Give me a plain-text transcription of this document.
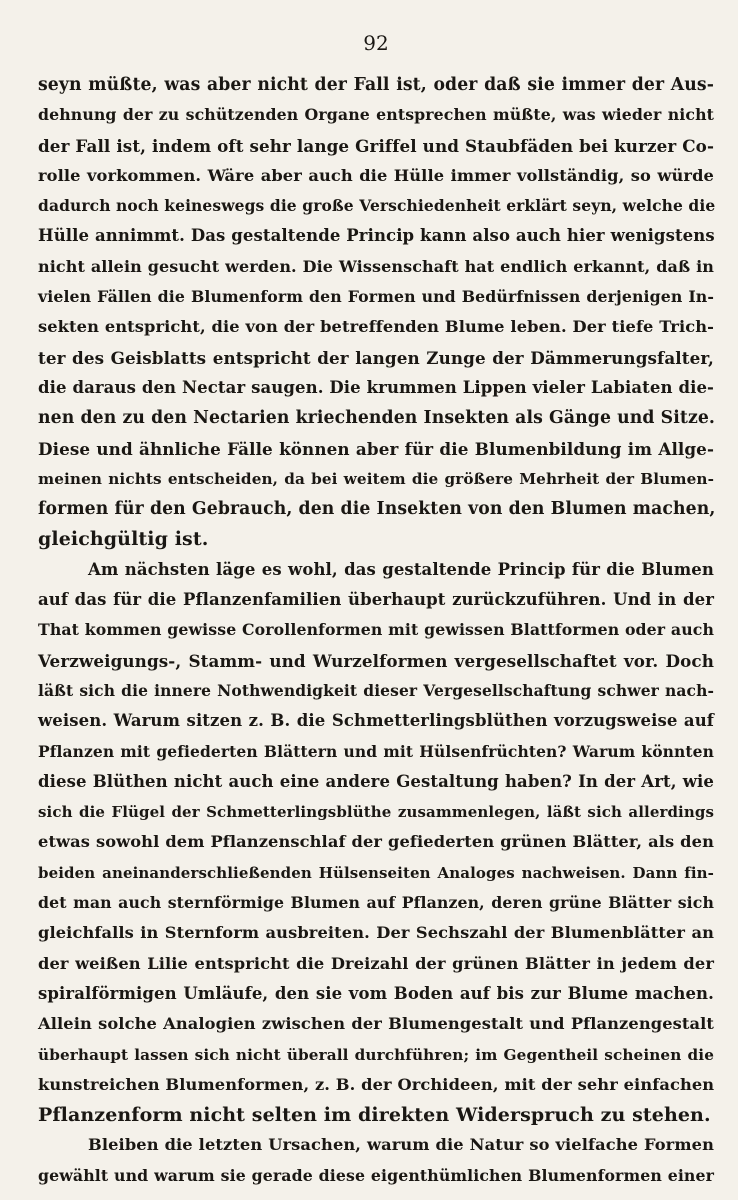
92
seyn müßte, was aber nicht der Fall ist, oder daß sie immer der Aus-
dehnung der zu schützenden Organe entsprechen müßte, was wieder nicht
der Fall ist, indem oft sehr lange Griffel und Staubfäden bei kurzer Co-
rolle vorkommen. Wäre aber auch die Hülle immer vollständig, so würde
dadurch noch keineswegs die große Verschiedenheit erklärt seyn, welche die
Hülle annimmt. Das gestaltende Princip kann also auch hier wenigstens
nicht allein gesucht werden. Die Wissenschaft hat endlich erkannt, daß in
vielen Fällen die Blumenform den Formen und Bedürfnissen derjenigen In-
sekten entspricht, die von der betreffenden Blume leben. Der tiefe Trich-
ter des Geisblatts entspricht der langen Zunge der Dämmerungsfalter,
die daraus den Nectar saugen. Die krummen Lippen vieler Labiaten die-
nen den zu den Nectarien kriechenden Insekten als Gänge und Sitze.
Diese und ähnliche Fälle können aber für die Blumenbildung im Allge-
meinen nichts entscheiden, da bei weitem die größere Mehrheit der Blumen-
formen für den Gebrauch, den die Insekten von den Blumen machen,
gleichgültig ist.
Am nächsten läge es wohl, das gestaltende Princip für die Blumen
auf das für die Pflanzenfamilien überhaupt zurückzuführen. Und in der
That kommen gewisse Corollenformen mit gewissen Blattformen oder auch
Verzweigungs-, Stamm- und Wurzelformen vergesellschaftet vor. Doch
läßt sich die innere Nothwendigkeit dieser Vergesellschaftung schwer nach-
weisen. Warum sitzen z. B. die Schmetterlingsblüthen vorzugsweise auf
Pflanzen mit gefiederten Blättern und mit Hülsenfrüchten? Warum könnten
diese Blüthen nicht auch eine andere Gestaltung haben? In der Art, wie
sich die Flügel der Schmetterlingsblüthe zusammenlegen, läßt sich allerdings
etwas sowohl dem Pflanzenschlaf der gefiederten grünen Blätter, als den
beiden aneinanderschließenden Hülsenseiten Analoges nachweisen. Dann fin-
det man auch sternförmige Blumen auf Pflanzen, deren grüne Blätter sich
gleichfalls in Sternform ausbreiten. Der Sechszahl der Blumenblätter an
der weißen Lilie entspricht die Dreizahl der grünen Blätter in jedem der
spiralförmigen Umläufe, den sie vom Boden auf bis zur Blume machen.
Allein solche Analogien zwischen der Blumengestalt und Pflanzengestalt
überhaupt lassen sich nicht überall durchführen; im Gegentheil scheinen die
kunstreichen Blumenformen, z. B. der Orchideen, mit der sehr einfachen
Pflanzenform nicht selten im direkten Widerspruch zu stehen.
Bleiben die letzten Ursachen, warum die Natur so vielfache Formen
gewählt und warum sie gerade diese eigenthümlichen Blumenformen einer
